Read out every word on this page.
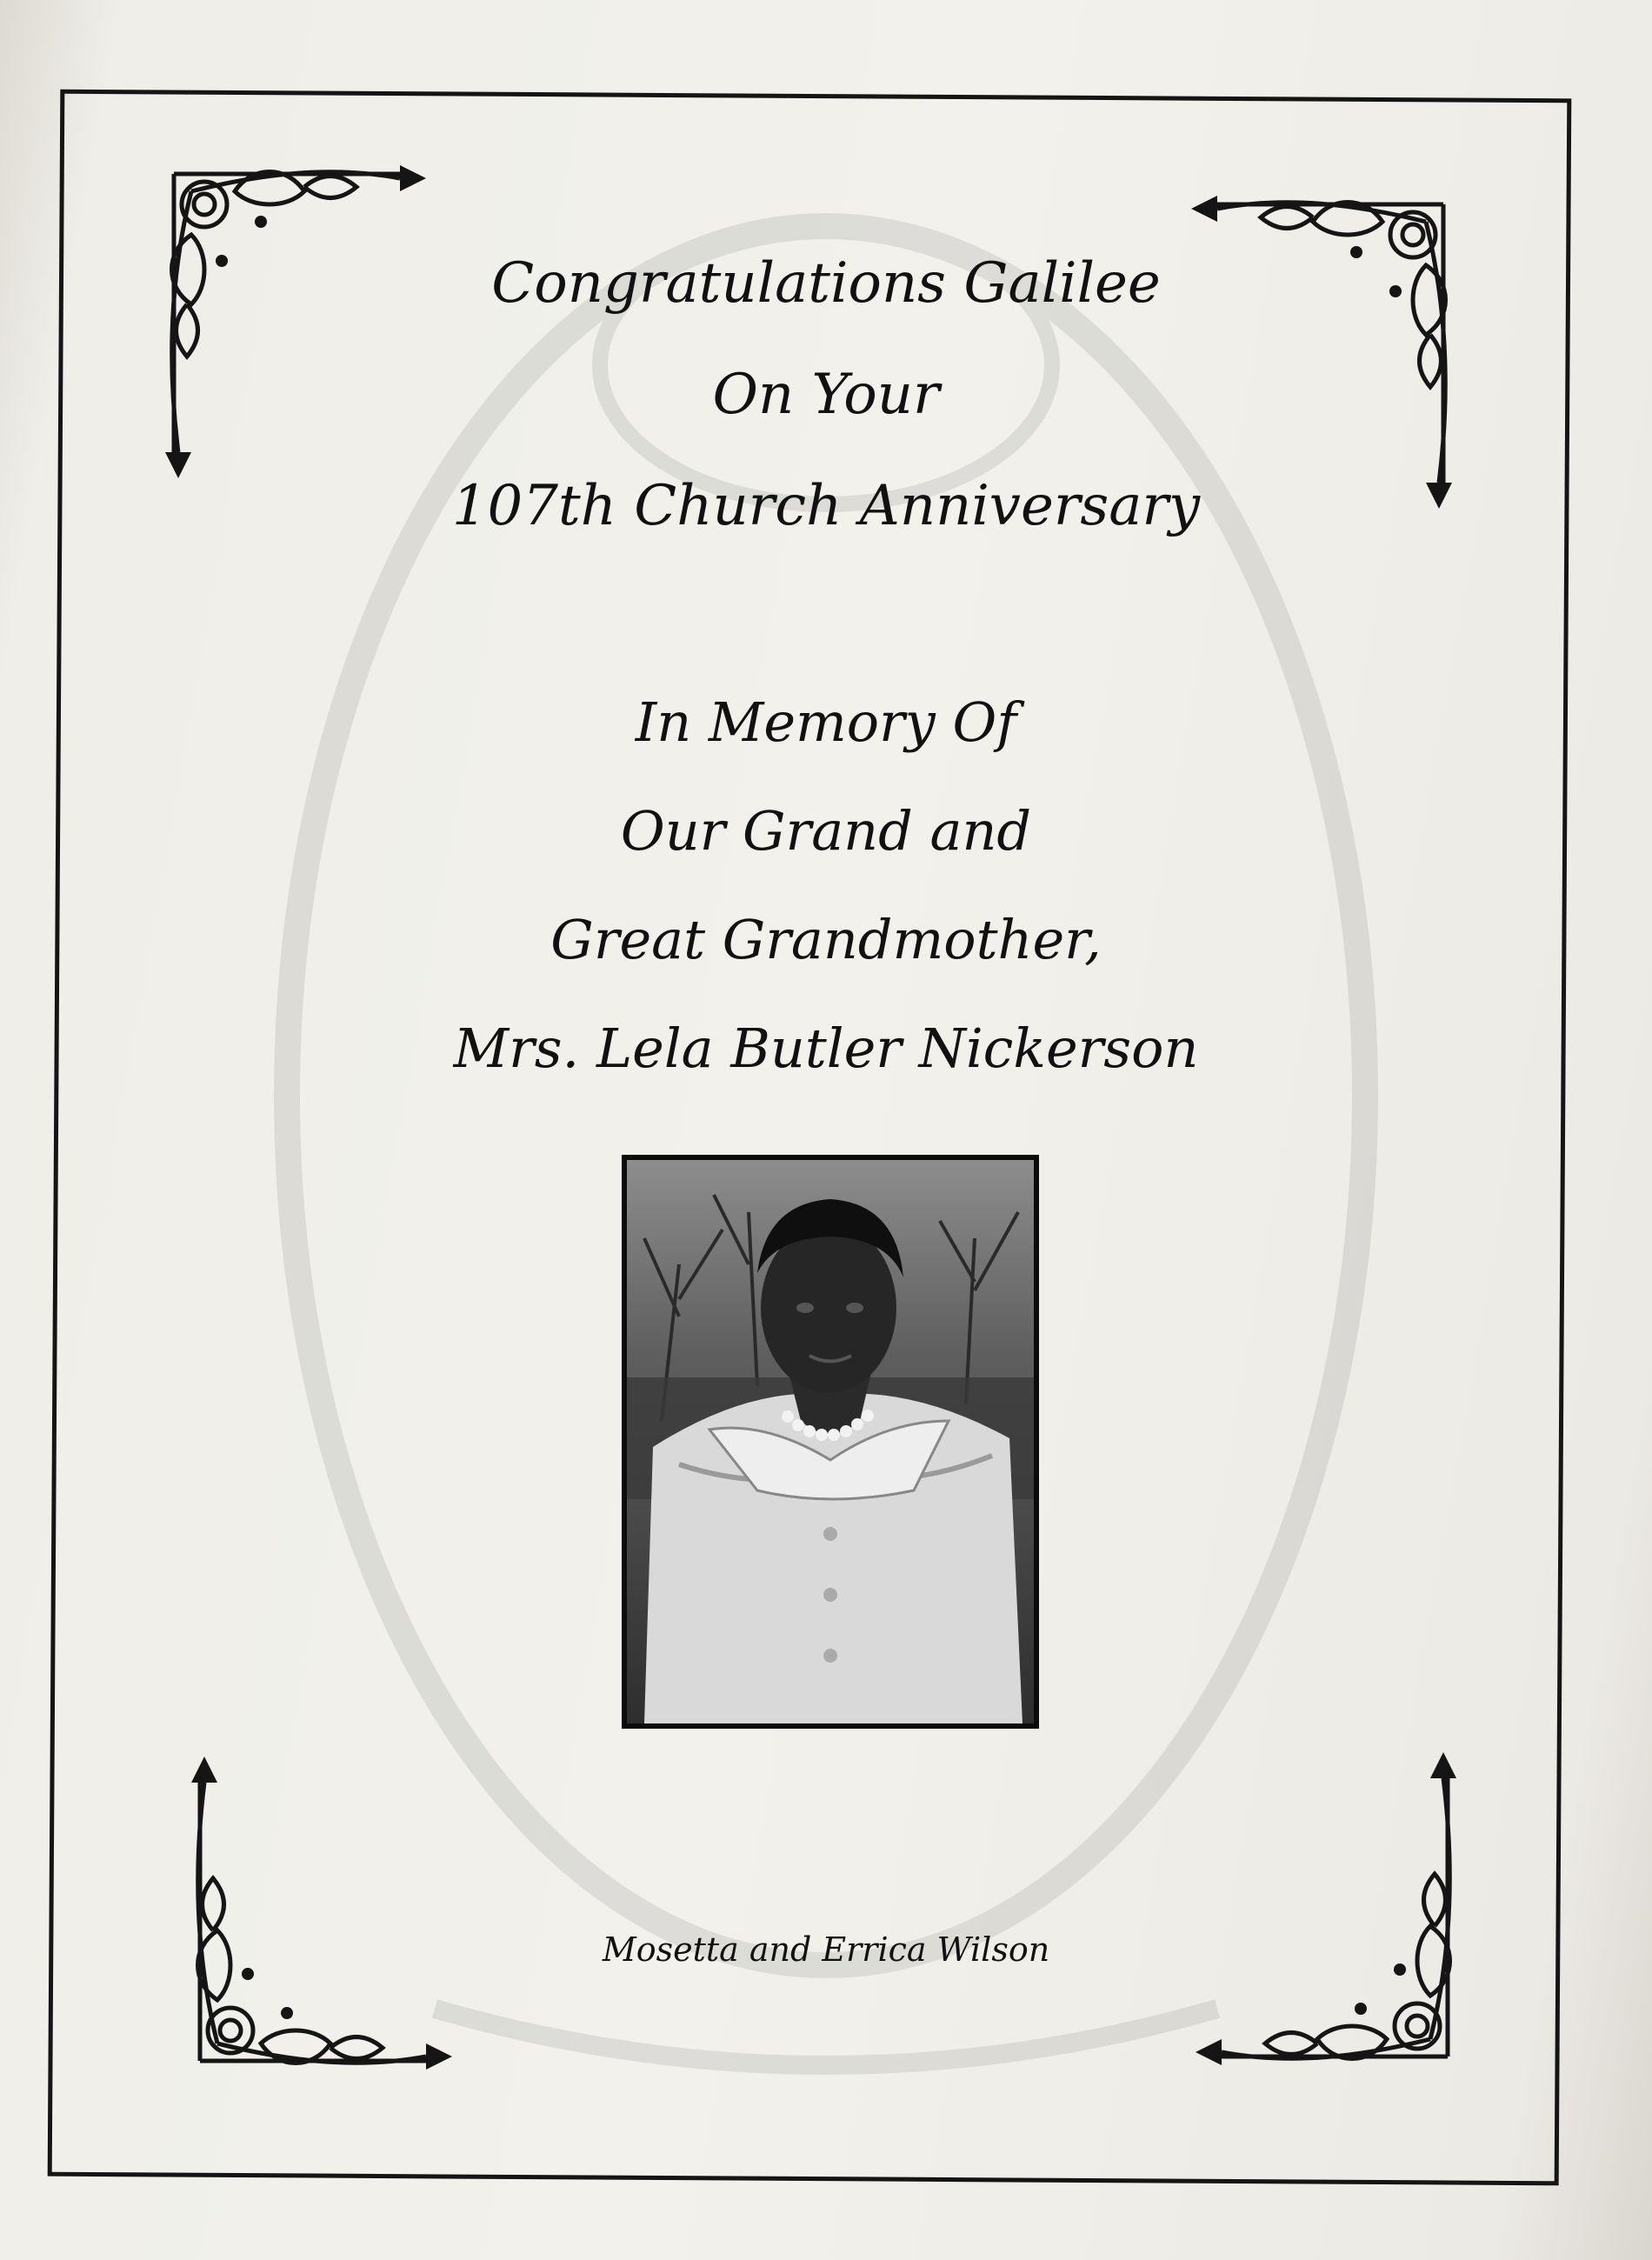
Congratulations Galilee
On Your
107th Church Anniversary
In Memory Of
Our Grand and
Great Grandmother,
Mrs. Lela Butler Nickerson
Mosetta and Errica Wilson
